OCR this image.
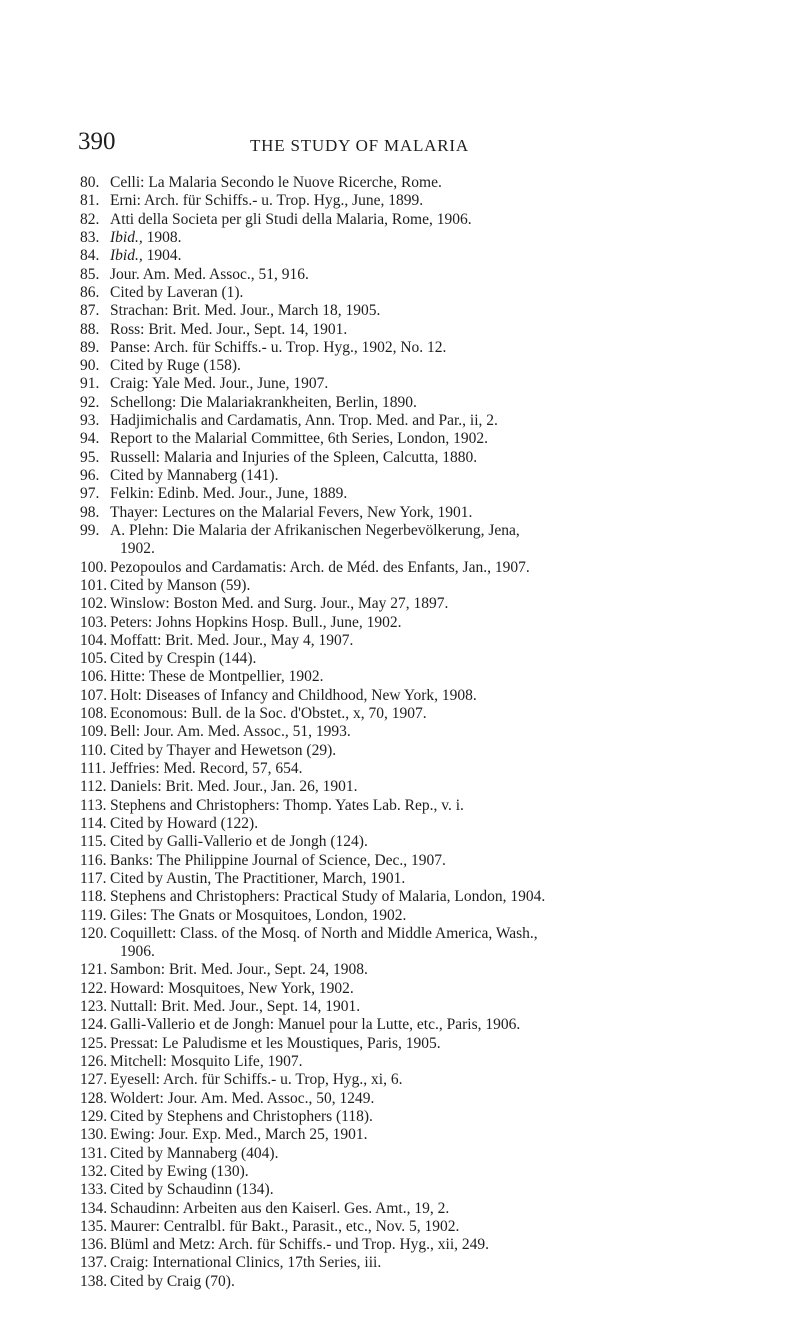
390	THE STUDY OF MALARIA
80. Celli: La Malaria Secondo le Nuove Ricerche, Rome.
81. Erni: Arch. für Schiffs.- u. Trop. Hyg., June, 1899.
82. Atti della Societa per gli Studi della Malaria, Rome, 1906.
83. Ibid., 1908.
84. Ibid., 1904.
85. Jour. Am. Med. Assoc., 51, 916.
86. Cited by Laveran (1).
87. Strachan: Brit. Med. Jour., March 18, 1905.
88. Ross: Brit. Med. Jour., Sept. 14, 1901.
89. Panse: Arch. für Schiffs.- u. Trop. Hyg., 1902, No. 12.
90. Cited by Ruge (158).
91. Craig: Yale Med. Jour., June, 1907.
92. Schellong: Die Malariakrankheiten, Berlin, 1890.
93. Hadjimichalis and Cardamatis, Ann. Trop. Med. and Par., ii, 2.
94. Report to the Malarial Committee, 6th Series, London, 1902.
95. Russell: Malaria and Injuries of the Spleen, Calcutta, 1880.
96. Cited by Mannaberg (141).
97. Felkin: Edinb. Med. Jour., June, 1889.
98. Thayer: Lectures on the Malarial Fevers, New York, 1901.
99. A. Plehn: Die Malaria der Afrikanischen Negerbevölkerung, Jena,
1902.
100. Pezopoulos and Cardamatis: Arch. de Méd. des Enfants, Jan., 1907.
101. Cited by Manson (59).
102. Winslow: Boston Med. and Surg. Jour., May 27, 1897.
103. Peters: Johns Hopkins Hosp. Bull., June, 1902.
104. Moffatt: Brit. Med. Jour., May 4, 1907.
105. Cited by Crespin (144).
106. Hitte: These de Montpellier, 1902.
107. Holt: Diseases of Infancy and Childhood, New York, 1908.
108. Economous: Bull. de la Soc. d'Obstet., x, 70, 1907.
109. Bell: Jour. Am. Med. Assoc., 51, 1993.
110. Cited by Thayer and Hewetson (29).
111. Jeffries: Med. Record, 57, 654.
112. Daniels: Brit. Med. Jour., Jan. 26, 1901.
113. Stephens and Christophers: Thomp. Yates Lab. Rep., v. i.
114. Cited by Howard (122).
115. Cited by Galli-Vallerio et de Jongh (124).
116. Banks: The Philippine Journal of Science, Dec., 1907.
117. Cited by Austin, The Practitioner, March, 1901.
118. Stephens and Christophers: Practical Study of Malaria, London, 1904.
119. Giles: The Gnats or Mosquitoes, London, 1902.
120. Coquillett: Class. of the Mosq. of North and Middle America, Wash.,
1906.
121. Sambon: Brit. Med. Jour., Sept. 24, 1908.
122. Howard: Mosquitoes, New York, 1902.
123. Nuttall: Brit. Med. Jour., Sept. 14, 1901.
124. Galli-Vallerio et de Jongh: Manuel pour la Lutte, etc., Paris, 1906.
125. Pressat: Le Paludisme et les Moustiques, Paris, 1905.
126. Mitchell: Mosquito Life, 1907.
127. Eyesell: Arch. für Schiffs.- u. Trop, Hyg., xi, 6.
128. Woldert: Jour. Am. Med. Assoc., 50, 1249.
129. Cited by Stephens and Christophers (118).
130. Ewing: Jour. Exp. Med., March 25, 1901.
131. Cited by Mannaberg (404).
132. Cited by Ewing (130).
133. Cited by Schaudinn (134).
134. Schaudinn: Arbeiten aus den Kaiserl. Ges. Amt., 19, 2.
135. Maurer: Centralbl. für Bakt., Parasit., etc., Nov. 5, 1902.
136. Blüml and Metz: Arch. für Schiffs.- und Trop. Hyg., xii, 249.
137. Craig: International Clinics, 17th Series, iii.
138. Cited by Craig (70).
